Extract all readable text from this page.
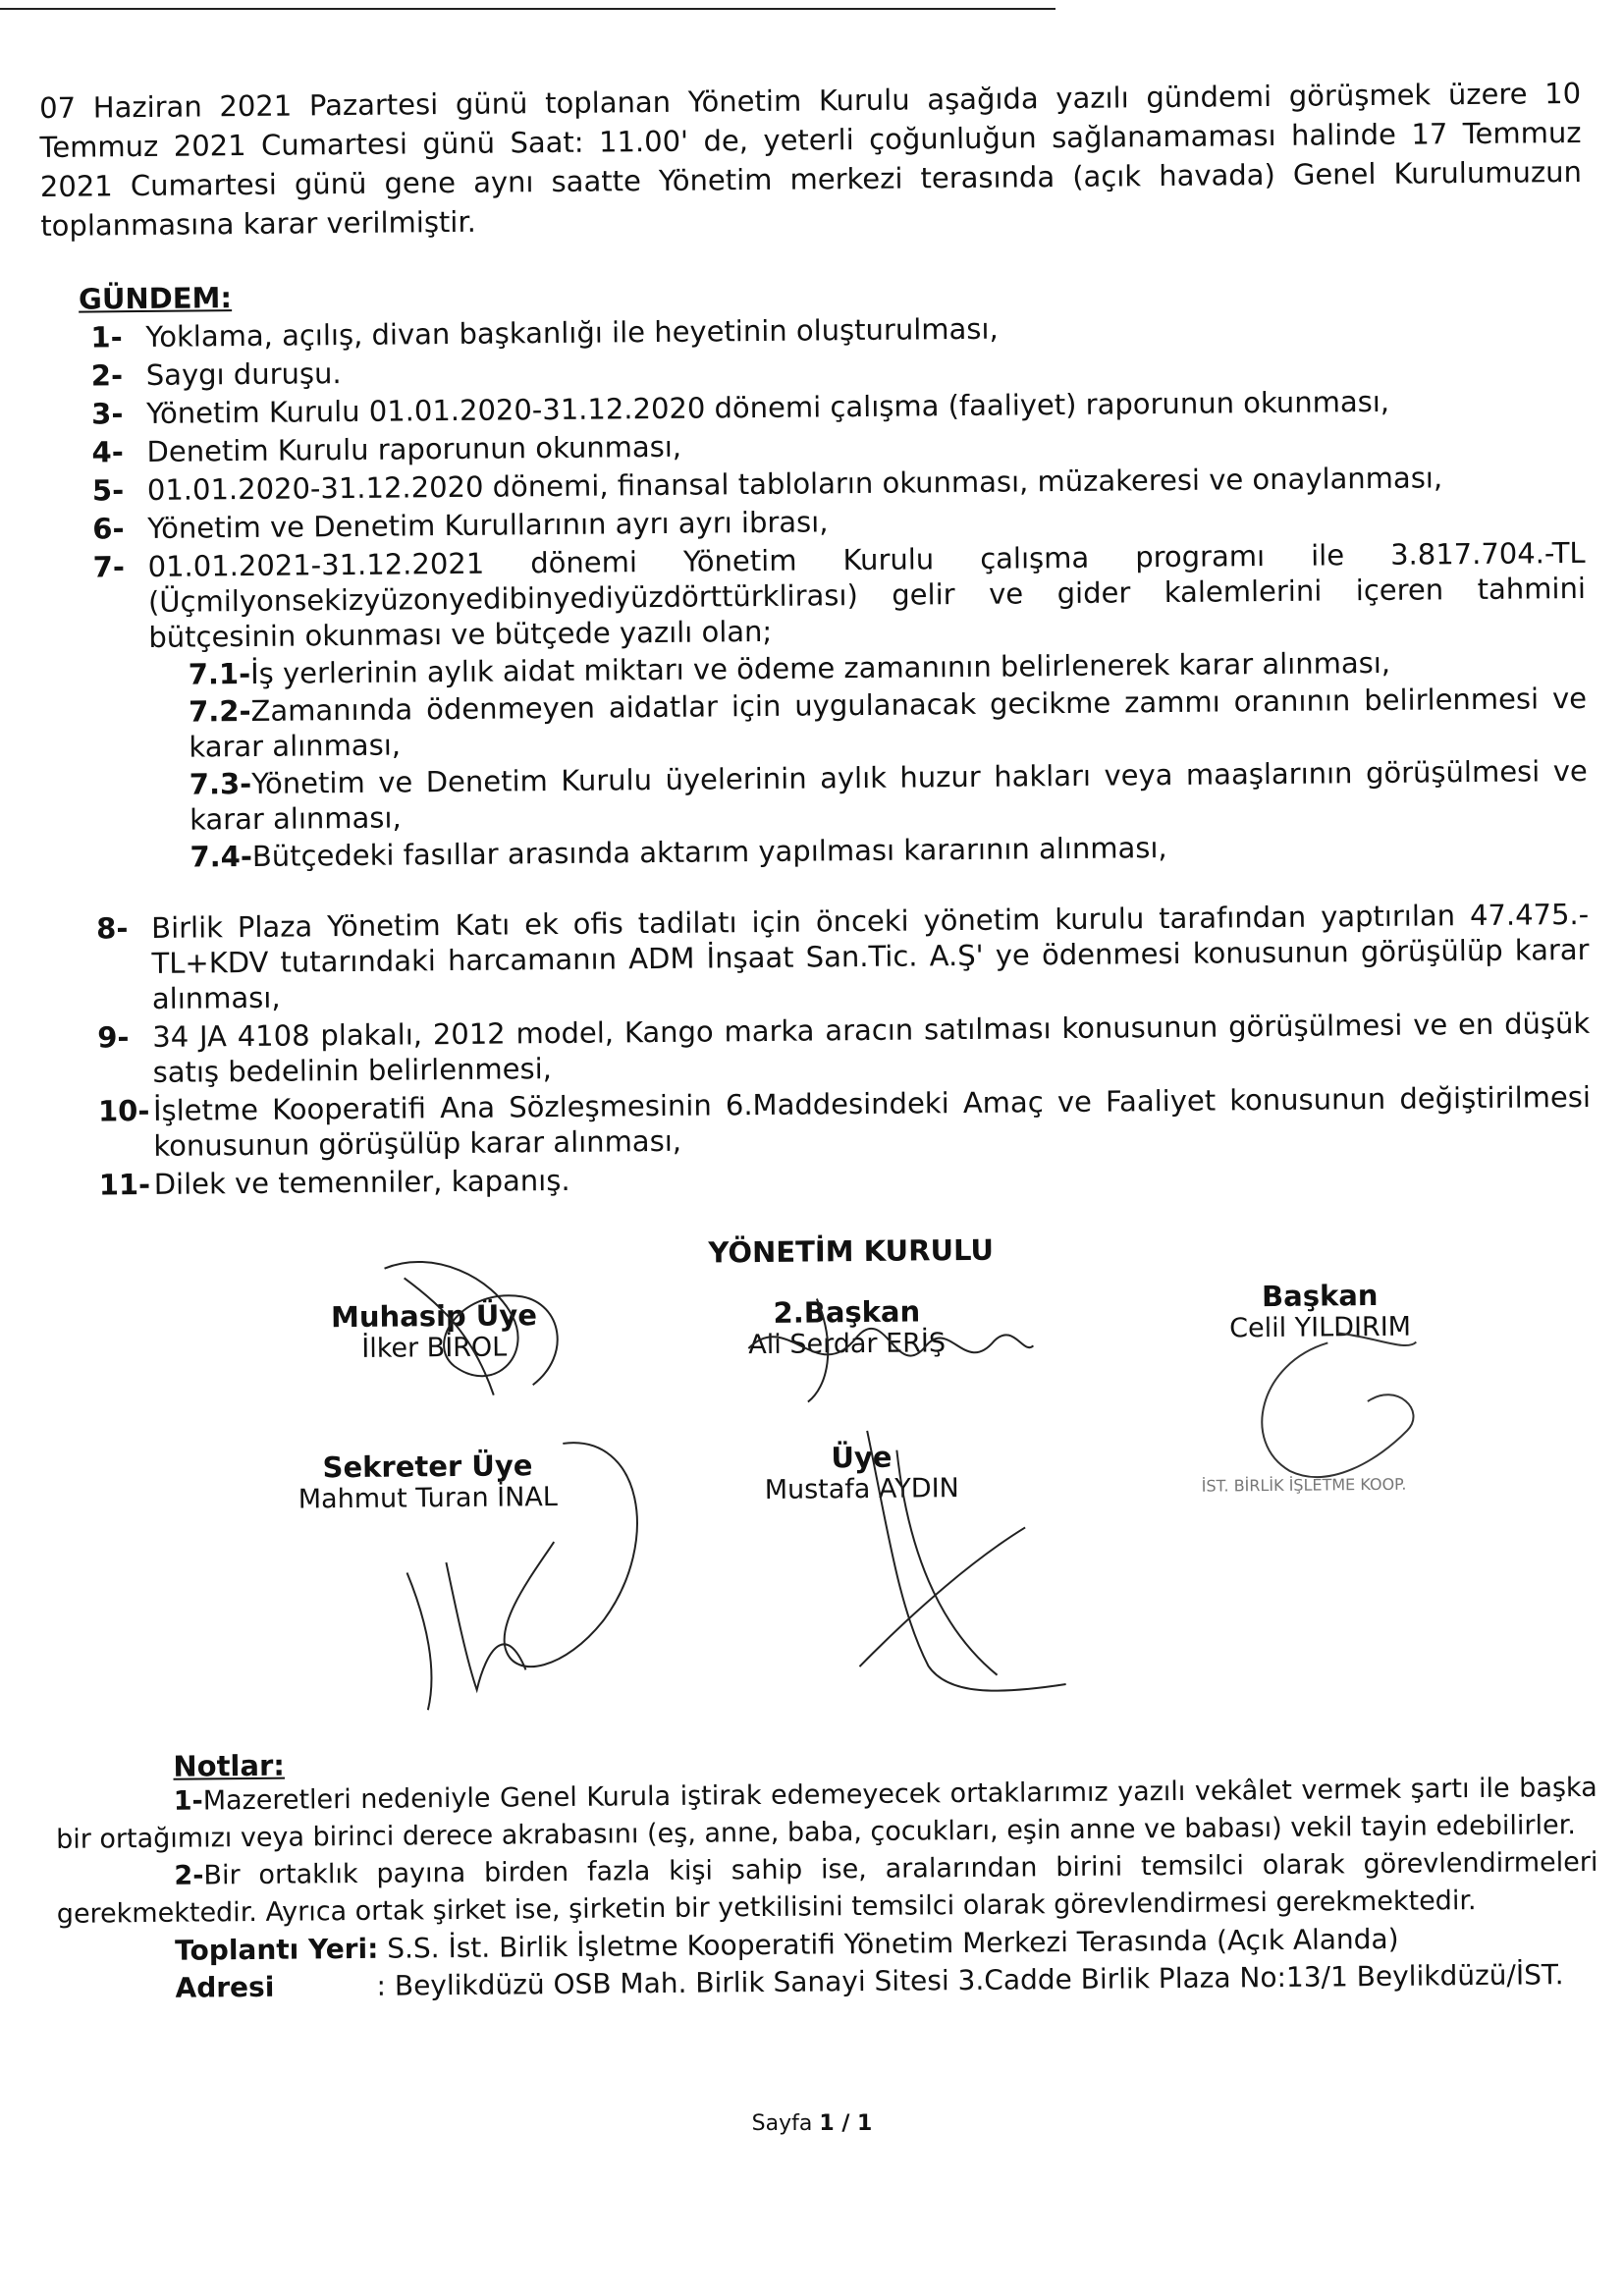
07 Haziran 2021 Pazartesi günü toplanan Yönetim Kurulu aşağıda yazılı gündemi görüşmek üzere 10 Temmuz 2021 Cumartesi günü Saat: 11.00' de, yeterli çoğunluğun sağlanamaması halinde 17 Temmuz 2021 Cumartesi günü gene aynı saatte Yönetim merkezi terasında (açık havada) Genel Kurulumuzun toplanmasına karar verilmiştir.

GÜNDEM:
1- Yoklama, açılış, divan başkanlığı ile heyetinin oluşturulması,
2- Saygı duruşu.
3- Yönetim Kurulu 01.01.2020-31.12.2020 dönemi çalışma (faaliyet) raporunun okunması,
4- Denetim Kurulu raporunun okunması,
5- 01.01.2020-31.12.2020 dönemi, finansal tabloların okunması, müzakeresi ve onaylanması,
6- Yönetim ve Denetim Kurullarının ayrı ayrı ibrası,
7- 01.01.2021-31.12.2021 dönemi Yönetim Kurulu çalışma programı ile 3.817.704.-TL (Üçmilyonsekizyüzonyedibinyediyüzdörttürklirası) gelir ve gider kalemlerini içeren tahmini bütçesinin okunması ve bütçede yazılı olan;
7.1-İş yerlerinin aylık aidat miktarı ve ödeme zamanının belirlenerek karar alınması,
7.2-Zamanında ödenmeyen aidatlar için uygulanacak gecikme zammı oranının belirlenmesi ve karar alınması,
7.3-Yönetim ve Denetim Kurulu üyelerinin aylık huzur hakları veya maaşlarının görüşülmesi ve karar alınması,
7.4-Bütçedeki fasıllar arasında aktarım yapılması kararının alınması,
8- Birlik Plaza Yönetim Katı ek ofis tadilatı için önceki yönetim kurulu tarafından yaptırılan 47.475.-TL+KDV tutarındaki harcamanın ADM İnşaat San.Tic. A.Ş' ye ödenmesi konusunun görüşülüp karar alınması,
9- 34 JA 4108 plakalı, 2012 model, Kango marka aracın satılması konusunun görüşülmesi ve en düşük satış bedelinin belirlenmesi,
10- İşletme Kooperatifi Ana Sözleşmesinin 6.Maddesindeki Amaç ve Faaliyet konusunun değiştirilmesi konusunun görüşülüp karar alınması,
11- Dilek ve temenniler, kapanış.
YÖNETİM KURULU
Muhasip Üye
İlker BİROL
2.Başkan
Ali Serdar ERİŞ
Başkan
Celil YILDIRIM
Sekreter Üye
Mahmut Turan İNAL
Üye
Mustafa AYDIN	İST. BİRLİK İŞLETME KOOP.
Notlar:

1-Mazeretleri nedeniyle Genel Kurula iştirak edemeyecek ortaklarımız yazılı vekâlet vermek şartı ile başka bir ortağımızı veya birinci derece akrabasını (eş, anne, baba, çocukları, eşin anne ve babası) vekil tayin edebilirler.

2-Bir ortaklık payına birden fazla kişi sahip ise, aralarından birini temsilci olarak görevlendirmeleri gerekmektedir. Ayrıca ortak şirket ise, şirketin bir yetkilisini temsilci olarak görevlendirmesi gerekmektedir.

Toplantı Yeri: S.S. İst. Birlik İşletme Kooperatifi Yönetim Merkezi Terasında (Açık Alanda)

Adresi	: Beylikdüzü OSB Mah. Birlik Sanayi Sitesi 3.Cadde Birlik Plaza No:13/1 Beylikdüzü/İST.

Sayfa 1 / 1
